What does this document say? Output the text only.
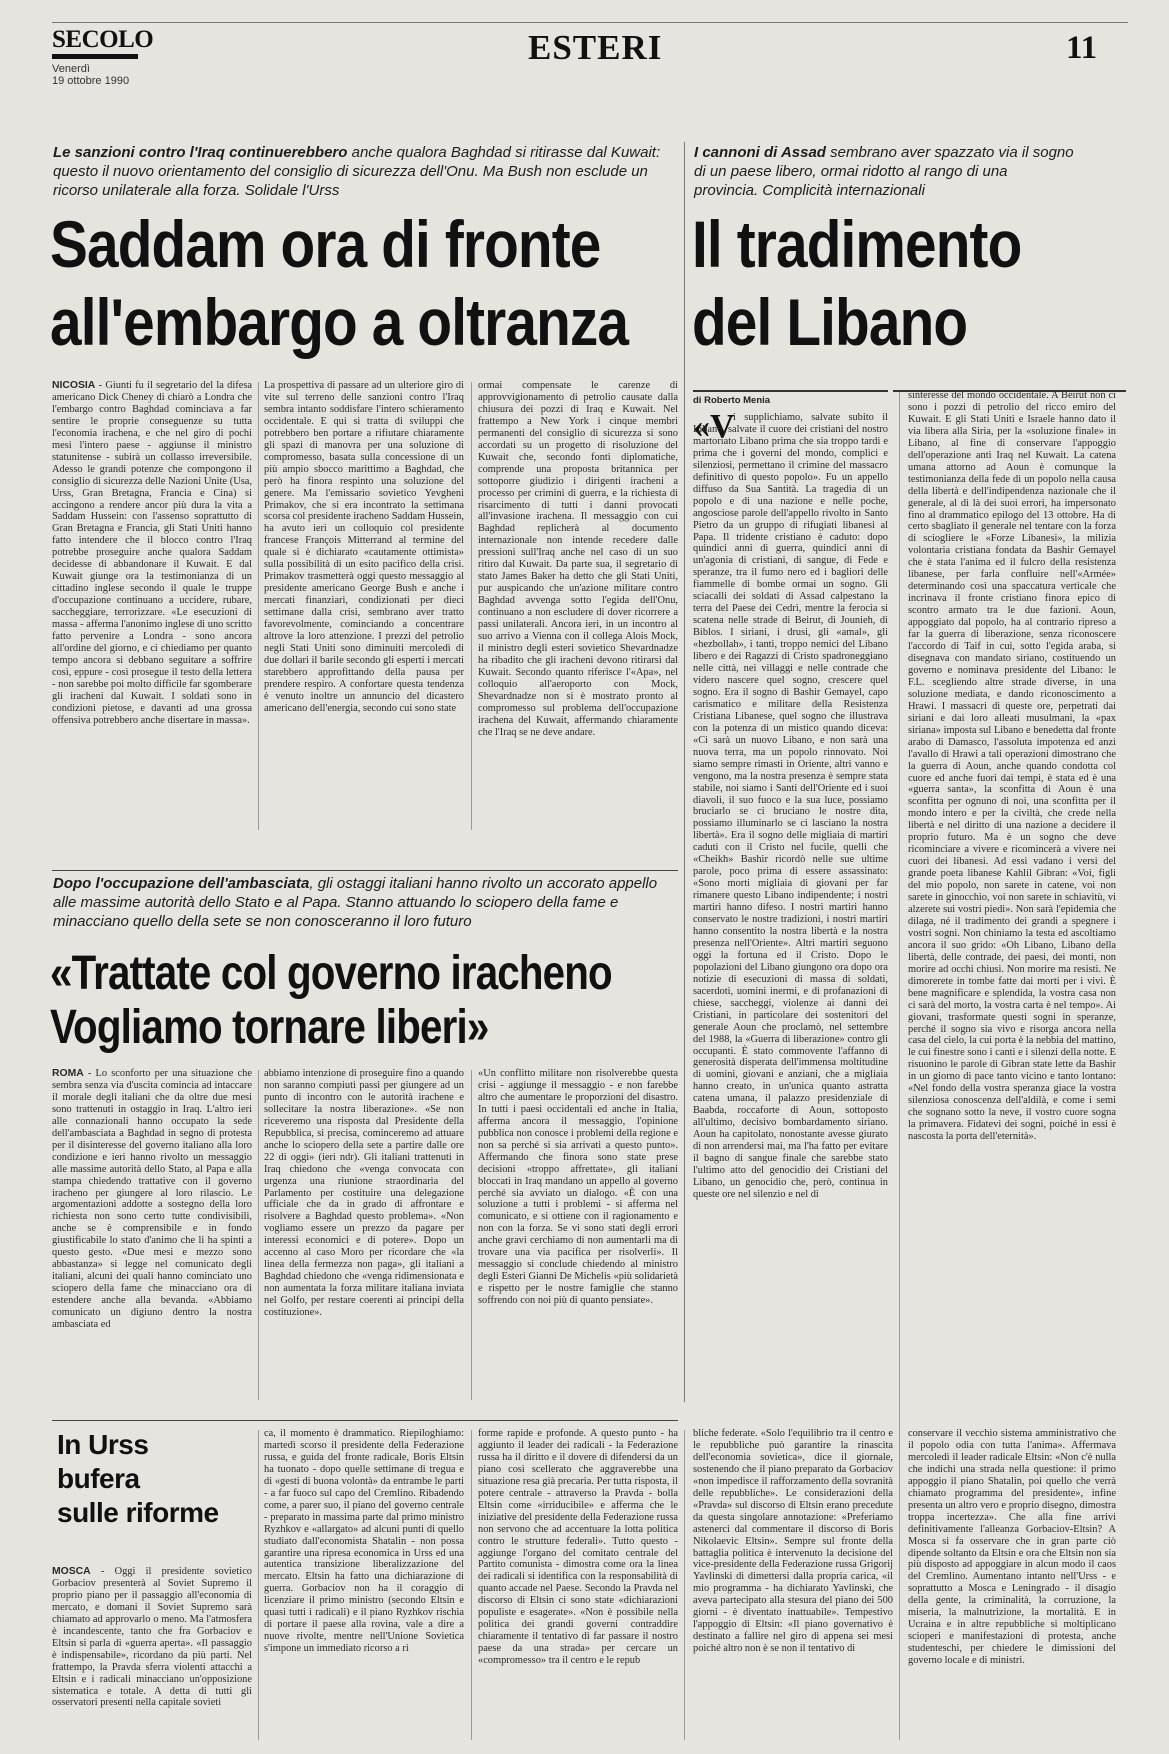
SECOLO
Venerdì
19 ottobre 1990
ESTERI	11
Le sanzioni contro l'Iraq continuerebbero anche qualora Baghdad si ritirasse dal Kuwait: questo il nuovo orientamento del consiglio di sicurezza dell'Onu. Ma Bush non esclude un ricorso unilaterale alla forza. Solidale l'Urss
Saddam ora di fronte
all'embargo a oltranza
NICOSIA - Giunti fu il segretario del la difesa americano Dick Cheney di chiarò a Londra che l'embargo contro Baghdad cominciava a far sentire le proprie conseguenze su tutta l'economia irachena, e che nel giro di pochi mesi l'intero paese - aggiunse il ministro statunitense - subirà un collasso irreversibile. Adesso le grandi potenze che compongono il consiglio di sicurezza delle Nazioni Unite (Usa, Urss, Gran Bretagna, Francia e Cina) si accingono a rendere ancor più dura la vita a Saddam Hussein: con l'assenso soprattutto di Gran Bretagna e Francia, gli Stati Uniti hanno fatto intendere che il blocco contro l'Iraq potrebbe proseguire anche qualora Saddam decidesse di abbandonare il Kuwait. E dal Kuwait giunge ora la testimonianza di un cittadino inglese secondo il quale le truppe d'occupazione continuano a uccidere, rubare, saccheggiare, terrorizzare. «Le esecuzioni di massa - afferma l'anonimo inglese di uno scritto fatto pervenire a Londra - sono ancora all'ordine del giorno, e ci chiediamo per quanto tempo ancora si debbano seguitare a soffrire così, eppure - così prosegue il testo della lettera - non sarebbe poi molto difficile far sgomberare gli iracheni dal Kuwait. I soldati sono in condizioni pietose, e davanti ad una grossa offensiva potrebbero anche disertare in massa».
La prospettiva di passare ad un ulteriore giro di vite sul terreno delle sanzioni contro l'Iraq sembra intanto soddisfare l'intero schieramento occidentale. E qui si tratta di sviluppi che potrebbero ben portare a rifiutare chiaramente gli spazi di manovra per una soluzione di compromesso, basata sulla concessione di un più ampio sbocco marittimo a Baghdad, che però ha finora respinto una soluzione del genere. Ma l'emissario sovietico Yevgheni Primakov, che si era incontrato la settimana scorsa col presidente iracheno Saddam Hussein, ha avuto ieri un colloquio col presidente francese François Mitterrand al termine del quale si è dichiarato «cautamente ottimista» sulla possibilità di un esito pacifico della crisi. Primakov trasmetterà oggi questo messaggio al presidente americano George Bush e anche i mercati finanziari, condizionati per dieci settimane dalla crisi, sembrano aver tratto favorevolmente, cominciando a concentrare altrove la loro attenzione. I prezzi del petrolio negli Stati Uniti sono diminuiti mercoledì di due dollari il barile secondo gli esperti i mercati starebbero approfittando della pausa per prendere respiro. A confortare questa tendenza è venuto inoltre un annuncio del dicastero americano dell'energia, secondo cui sono state
ormai compensate le carenze di approvvigionamento di petrolio causate dalla chiusura dei pozzi di Iraq e Kuwait. Nel frattempo a New York i cinque membri permanenti del consiglio di sicurezza si sono accordati su un progetto di risoluzione del Kuwait che, secondo fonti diplomatiche, comprende una proposta britannica per sottoporre giudizio i dirigenti iracheni a processo per crimini di guerra, e la richiesta di risarcimento di tutti i danni provocati all'invasione irachena. Il messaggio con cui Baghdad replicherà al documento internazionale non intende recedere dalle pressioni sull'Iraq anche nel caso di un suo ritiro dal Kuwait. Da parte sua, il segretario di stato James Baker ha detto che gli Stati Uniti, pur auspicando che un'azione militare contro Baghdad avvenga sotto l'egida dell'Onu, continuano a non escludere di dover ricorrere a passi unilaterali. Ancora ieri, in un incontro al suo arrivo a Vienna con il collega Alois Mock, il ministro degli esteri sovietico Shevardnadze ha ribadito che gli iracheni devono ritirarsi dal Kuwait. Secondo quanto riferisce l'«Apa», nel colloquio all'aeroporto con Mock, Shevardnadze non si è mostrato pronto al compromesso sul problema dell'occupazione irachena del Kuwait, affermando chiaramente che l'Iraq se ne deve andare.
I cannoni di Assad sembrano aver spazzato via il sogno di un paese libero, ormai ridotto al rango di una provincia. Complicità internazionali
Il tradimento
del Libano
di Roberto Menia
«V
i supplichiamo, salvate subito il Libano, salvate il cuore dei cristiani del nostro martoriato Libano prima che sia troppo tardi e prima che i governi del mondo, complici e silenziosi, permettano il crimine del massacro definitivo di questo popolo». Fu un appello diffuso da Sua Santità. La tragedia di un popolo e di una nazione e nelle poche, angosciose parole dell'appello rivolto in Santo Pietro da un gruppo di rifugiati libanesi al Papa. Il tridente cristiano è caduto: dopo quindici anni di guerra, quindici anni di un'agonia di cristiani, di sangue, di Fede e speranze, tra il fumo nero ed i bagliori delle fiammelle di bombe ormai un sogno. Gli sciacalli dei soldati di Assad calpestano la terra del Paese dei Cedri, mentre la ferocia si scatena nelle strade di Beirut, di Jounieh, di Biblos. I siriani, i drusi, gli «amal», gli «hezbollah», i tanti, troppo nemici del Libano libero e dei Ragazzi di Cristo spadroneggiano nelle città, nei villaggi e nelle contrade che videro nascere quel sogno, crescere quel sogno. Era il sogno di Bashir Gemayel, capo carismatico e militare della Resistenza Cristiana Libanese, quel sogno che illustrava con la potenza di un mistico quando diceva: «Ci sarà un nuovo Libano, e non sarà una nuova terra, ma un popolo rinnovato. Noi siamo sempre rimasti in Oriente, altri vanno e vengono, ma la nostra presenza è sempre stata stabile, noi siamo i Santi dell'Oriente ed i suoi diavoli, il suo fuoco e la sua luce, possiamo bruciarlo se ci bruciano le nostre dita, possiamo illuminarlo se ci lasciano la nostra libertà». Era il sogno delle migliaia di martiri caduti con il Cristo nel fucile, quelli che «Cheikh» Bashir ricordò nelle sue ultime parole, poco prima di essere assassinato: «Sono morti migliaia di giovani per far rimanere questo Libano indipendente; i nostri martiri hanno difeso. I nostri martiri hanno conservato le nostre tradizioni, i nostri martiri hanno consentito la nostra libertà e la nostra presenza nell'Oriente». Altri martiri seguono oggi la fortuna ed il Cristo. Dopo le popolazioni del Libano giungono ora dopo ora notizie di esecuzioni di massa di soldati, sacerdoti, uomini inermi, e di profanazioni di chiese, saccheggi, violenze ai danni dei Cristiani, in particolare dei sostenitori del generale Aoun che proclamò, nel settembre del 1988, la «Guerra di liberazione» contro gli occupanti. È stato commovente l'affanno di generosità disperata dell'immensa moltitudine di uomini, giovani e anziani, che a migliaia hanno creato, in un'unica quanto astratta catena umana, il palazzo presidenziale di Baabda, roccaforte di Aoun, sottoposto all'ultimo, decisivo bombardamento siriano. Aoun ha capitolato, nonostante avesse giurato di non arrendersi mai, ma l'ha fatto per evitare il bagno di sangue finale che sarebbe stato l'ultimo atto del genocidio dei Cristiani del Libano, un genocidio che, però, continua in queste ore nel silenzio e nel di
sinteresse del mondo occidentale. A Beirut non ci sono i pozzi di petrolio del ricco emiro del Kuwait. E gli Stati Uniti e Israele hanno dato il via libera alla Siria, per la «soluzione finale» in Libano, al fine di conservare l'appoggio dell'operazione anti Iraq nel Kuwait. La catena umana attorno ad Aoun è comunque la testimonianza della fede di un popolo nella causa della libertà e dell'indipendenza nazionale che il generale, al di là dei suoi errori, ha impersonato fino al drammatico epilogo del 13 ottobre. Ha di certo sbagliato il generale nel tentare con la forza di sciogliere le «Forze Libanesi», la milizia volontaria cristiana fondata da Bashir Gemayel che è stata l'anima ed il fulcro della resistenza libanese, per farla confluire nell'«Armée» determinando così una spaccatura verticale che incrinava il fronte cristiano finora epico di scontro armato tra le due fazioni. Aoun, appoggiato dal popolo, ha al contrario ripreso a far la guerra di liberazione, senza riconoscere l'accordo di Taif in cui, sotto l'egida araba, si disegnava con mandato siriano, costituendo un governo e nominava presidente del Libano: le F.L. scegliendo altre strade diverse, in una soluzione mediata, e dando riconoscimento a Hrawi. I massacri di queste ore, perpetrati dai siriani e dai loro alleati musulmani, la «pax siriana» imposta sul Libano e benedetta dal fronte arabo di Damasco, l'assoluta impotenza ed anzi l'avallo di Hrawi a tali operazioni dimostrano che la guerra di Aoun, anche quando condotta col cuore ed anche fuori dai tempi, è stata ed è una «guerra santa», la sconfitta di Aoun è una sconfitta per ognuno di noi, una sconfitta per il mondo intero e per la civiltà, che crede nella libertà e nel diritto di una nazione a decidere il proprio futuro. Ma è un sogno che deve ricominciare a vivere e ricomincerà a vivere nei cuori dei libanesi. Ad essi vadano i versi del grande poeta libanese Kahlil Gibran: «Voi, figli del mio popolo, non sarete in catene, voi non sarete in ginocchio, voi non sarete in schiavitù, vi alzerete sui vostri piedi». Non sarà l'epidemia che dilaga, né il tradimento dei grandi a spegnere i vostri sogni. Non chiniamo la testa ed ascoltiamo ancora il suo grido: «Oh Libano, Libano della libertà, delle contrade, dei paesi, dei monti, non morire ad occhi chiusi. Non morire ma resisti. Ne dimorerete in tombe fatte dai morti per i vivi. È bene magnificare e splendida, la vostra casa non ci sarà del morto, la vostra carta è nel tempo». Ai giovani, trasformate questi sogni in speranze, perché il sogno sia vivo e risorga ancora nella casa del cielo, la cui porta è la nebbia del mattino, le cui finestre sono i canti e i silenzi della notte. E risuonino le parole di Gibran state lette da Bashir in un giorno di pace tanto vicino e tanto lontano: «Nel fondo della vostra speranza giace la vostra silenziosa conoscenza dell'aldilà, e come i semi che sognano sotto la neve, il vostro cuore sogna la primavera. Fidatevi dei sogni, poiché in essi è nascosta la porta dell'eternità».
Dopo l'occupazione dell'ambasciata, gli ostaggi italiani hanno rivolto un accorato appello alle massime autorità dello Stato e al Papa. Stanno attuando lo sciopero della fame e minacciano quello della sete se non conosceranno il loro futuro
«Trattate col governo iracheno
Vogliamo tornare liberi»
ROMA - Lo sconforto per una situazione che sembra senza via d'uscita comincia ad intaccare il morale degli italiani che da oltre due mesi sono trattenuti in ostaggio in Iraq. L'altro ieri alle connazionali hanno occupato la sede dell'ambasciata a Baghdad in segno di protesta per il disinteresse del governo italiano alla loro condizione e ieri hanno rivolto un messaggio alle massime autorità dello Stato, al Papa e alla stampa chiedendo trattative con il governo iracheno per giungere al loro rilascio. Le argomentazioni addotte a sostegno della loro richiesta non sono certo tutte condivisibili, anche se è comprensibile e in fondo giustificabile lo stato d'animo che li ha spinti a questo gesto. «Due mesi e mezzo sono abbastanza» si legge nel comunicato degli italiani, alcuni dei quali hanno cominciato uno sciopero della fame che minacciano ora di estendere anche alla bevanda. «Abbiamo comunicato un digiuno dentro la nostra ambasciata ed
abbiamo intenzione di proseguire fino a quando non saranno compiuti passi per giungere ad un punto di incontro con le autorità irachene e sollecitare la nostra liberazione». «Se non riceveremo una risposta dal Presidente della Repubblica, si precisa, cominceremo ad attuare anche lo sciopero della sete a partire dalle ore 22 di oggi» (ieri ndr). Gli italiani trattenuti in Iraq chiedono che «venga convocata con urgenza una riunione straordinaria del Parlamento per costituire una delegazione ufficiale che da in grado di affrontare e risolvere a Baghdad questo problema». «Non vogliamo essere un prezzo da pagare per interessi economici e di potere». Dopo un accenno al caso Moro per ricordare che «la linea della fermezza non paga», gli italiani a Baghdad chiedono che «venga ridimensionata e non aumentata la forza militare italiana inviata nel Golfo, per restare coerenti ai principi della costituzione».
«Un conflitto militare non risolverebbe questa crisi - aggiunge il messaggio - e non farebbe altro che aumentare le proporzioni del disastro. In tutti i paesi occidentali ed anche in Italia, afferma ancora il messaggio, l'opinione pubblica non conosce i problemi della regione e non sa perché si sia arrivati a questo punto». Affermando che finora sono state prese decisioni «troppo affrettate», gli italiani bloccati in Iraq mandano un appello al governo perché sia avviato un dialogo. «È con una soluzione a tutti i problemi - si afferma nel comunicato, e si ottiene con il ragionamento e non con la forza. Se vi sono stati degli errori anche gravi cerchiamo di non aumentarli ma di trovare una via pacifica per risolverli». Il messaggio si conclude chiedendo al ministro degli Esteri Gianni De Michelis «più solidarietà e rispetto per le nostre famiglie che stanno soffrendo con noi più di quanto pensiate».
In Urss
bufera
sulle riforme
MOSCA - Oggi il presidente sovietico Gorbaciov presenterà al Soviet Supremo il proprio piano per il passaggio all'economia di mercato, e domani il Soviet Supremo sarà chiamato ad approvarlo o meno. Ma l'atmosfera è incandescente, tanto che fra Gorbaciov e Eltsin si parla di «guerra aperta». «Il passaggio è indispensabile», ricordano da più parti. Nel frattempo, la Pravda sferra violenti attacchi a Eltsin e i radicali minacciano un'opposizione sistematica e totale. A detta di tutti gli osservatori presenti nella capitale sovieti
ca, il momento è drammatico. Riepiloghiamo: martedì scorso il presidente della Federazione russa, e guida del fronte radicale, Boris Eltsin ha tuonato - dopo quelle settimane di tregua e di «gesti di buona volontà» da entrambe le parti - a far fuoco sul capo del Cremlino. Ribadendo come, a parer suo, il piano del governo centrale - preparato in massima parte dal primo ministro Ryzhkov e «allargato» ad alcuni punti di quello studiato dall'economista Shatalin - non possa garantire una ripresa economica in Urss ed una autentica transizione liberalizzazione del mercato. Eltsin ha fatto una dichiarazione di guerra. Gorbaciov non ha il coraggio di licenziare il primo ministro (secondo Eltsin e quasi tutti i radicali) e il piano Ryzhkov rischia di portare il paese alla rovina, vale a dire a nuove rivolte, mentre nell'Unione Sovietica s'impone un immediato ricorso a ri
forme rapide e profonde. A questo punto - ha aggiunto il leader dei radicali - la Federazione russa ha il diritto e il dovere di difendersi da un piano così scellerato che aggraverebbe una situazione resa già precaria. Per tutta risposta, il potere centrale - attraverso la Pravda - bolla Eltsin come «irriducibile» e afferma che le iniziative del presidente della Federazione russa non servono che ad accentuare la lotta politica contro le strutture federali». Tutto questo - aggiunge l'organo del comitato centrale del Partito comunista - dimostra come ora la linea dei radicali si identifica con la responsabilità di quanto accade nel Paese. Secondo la Pravda nel discorso di Eltsin ci sono state «dichiarazioni populiste e esagerate». «Non è possibile nella politica dei grandi governi contraddire chiaramente il tentativo di far passare il nostro paese da una strada» per cercare un «compromesso» tra il centro e le repub
bliche federate. «Solo l'equilibrio tra il centro e le repubbliche può garantire la rinascita dell'economia sovietica», dice il giornale, sostenendo che il piano preparato da Gorbaciov «non impedisce il rafforzamento della sovranità delle repubbliche». Le considerazioni della «Pravda» sul discorso di Eltsin erano precedute da questa singolare annotazione: «Preferiamo astenerci dal commentare il discorso di Boris Nikolaevic Eltsin». Sempre sul fronte della battaglia politica è intervenuto la decisione del vice-presidente della Federazione russa Grigorij Yavlinski di dimettersi dalla propria carica, «il mio programma - ha dichiarato Yavlinski, che aveva partecipato alla stesura del piano dei 500 giorni - è diventato inattuabile». Tempestivo l'appoggio di Eltsin: «Il piano governativo è destinato a fallire nel giro di appena sei mesi poiché altro non è se non il tentativo di
conservare il vecchio sistema amministrativo che il popolo odia con tutta l'anima». Affermava mercoledì il leader radicale Eltsin: «Non c'è nulla che indichi una strada nella questione: il primo appoggio il piano Shatalin, poi quello che verrà chiamato programma del presidente», infine presenta un altro vero e proprio disegno, dimostra troppa incertezza». Che alla fine arrivi definitivamente l'alleanza Gorbaciov-Eltsin? A Mosca si fa osservare che in gran parte ciò dipende soltanto da Eltsin e ora che Eltsin non sia più disposto ad appoggiare in alcun modo il caos del Cremlino. Aumentano intanto nell'Urss - e soprattutto a Mosca e Leningrado - il disagio della gente, la criminalità, la corruzione, la miseria, la malnutrizione, la mortalità. E in Ucraina e in altre repubbliche si moltiplicano scioperi e manifestazioni di protesta, anche studenteschi, per chiedere le dimissioni del governo locale e di ministri.
